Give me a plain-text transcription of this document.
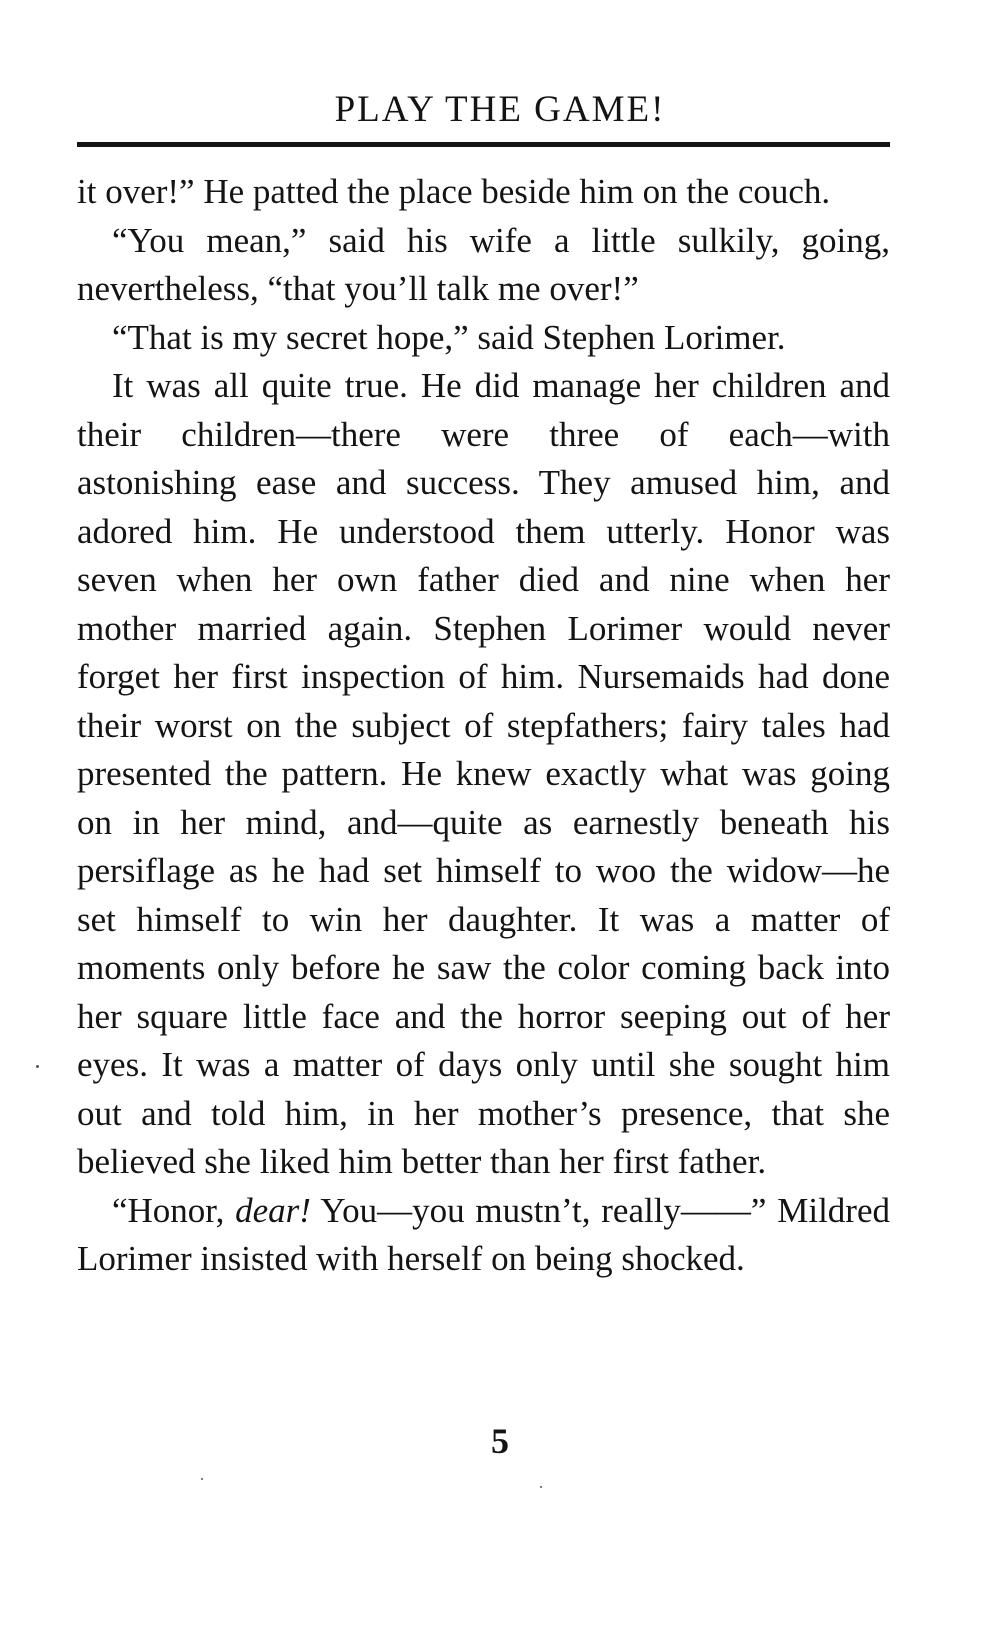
PLAY THE GAME!

it over!” He patted the place beside him on the couch.

“You mean,” said his wife a little sulkily, going, nevertheless, “that you’ll talk me over!”

“That is my secret hope,” said Stephen Lorimer.

It was all quite true. He did manage her children and their children—there were three of each—with astonishing ease and success. They amused him, and adored him. He understood them utterly. Honor was seven when her own father died and nine when her mother married again. Stephen Lorimer would never forget her first inspection of him. Nursemaids had done their worst on the subject of stepfathers; fairy tales had presented the pattern. He knew exactly what was going on in her mind, and—quite as earnestly beneath his persiflage as he had set himself to woo the widow—he set himself to win her daughter. It was a matter of moments only before he saw the color coming back into her square little face and the horror seeping out of her eyes. It was a matter of days only until she sought him out and told him, in her mother’s presence, that she believed she liked him better than her first father.

“Honor, dear! You—you mustn’t, really——” Mildred Lorimer insisted with herself on being shocked.

5
